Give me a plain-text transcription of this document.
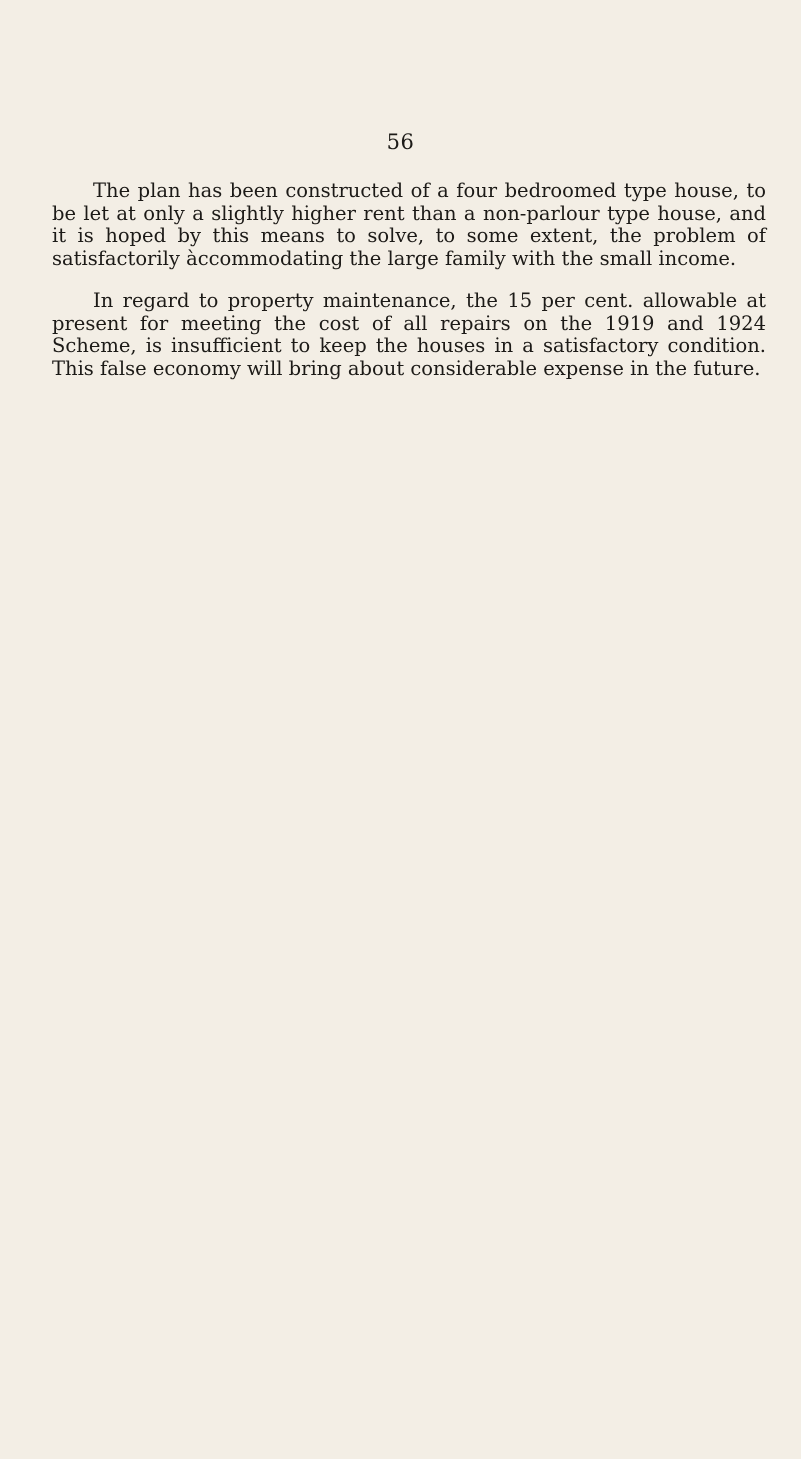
56

The plan has been constructed of a four bedroomed type house, to be let at only a slightly higher rent than a non-parlour type house, and it is hoped by this means to solve, to some extent, the problem of satisfactorily àccommodating the large family with the small income.

In regard to property maintenance, the 15 per cent. allowable at present for meeting the cost of all repairs on the 1919 and 1924 Scheme, is insufficient to keep the houses in a satisfactory condition. This false economy will bring about considerable expense in the future.
